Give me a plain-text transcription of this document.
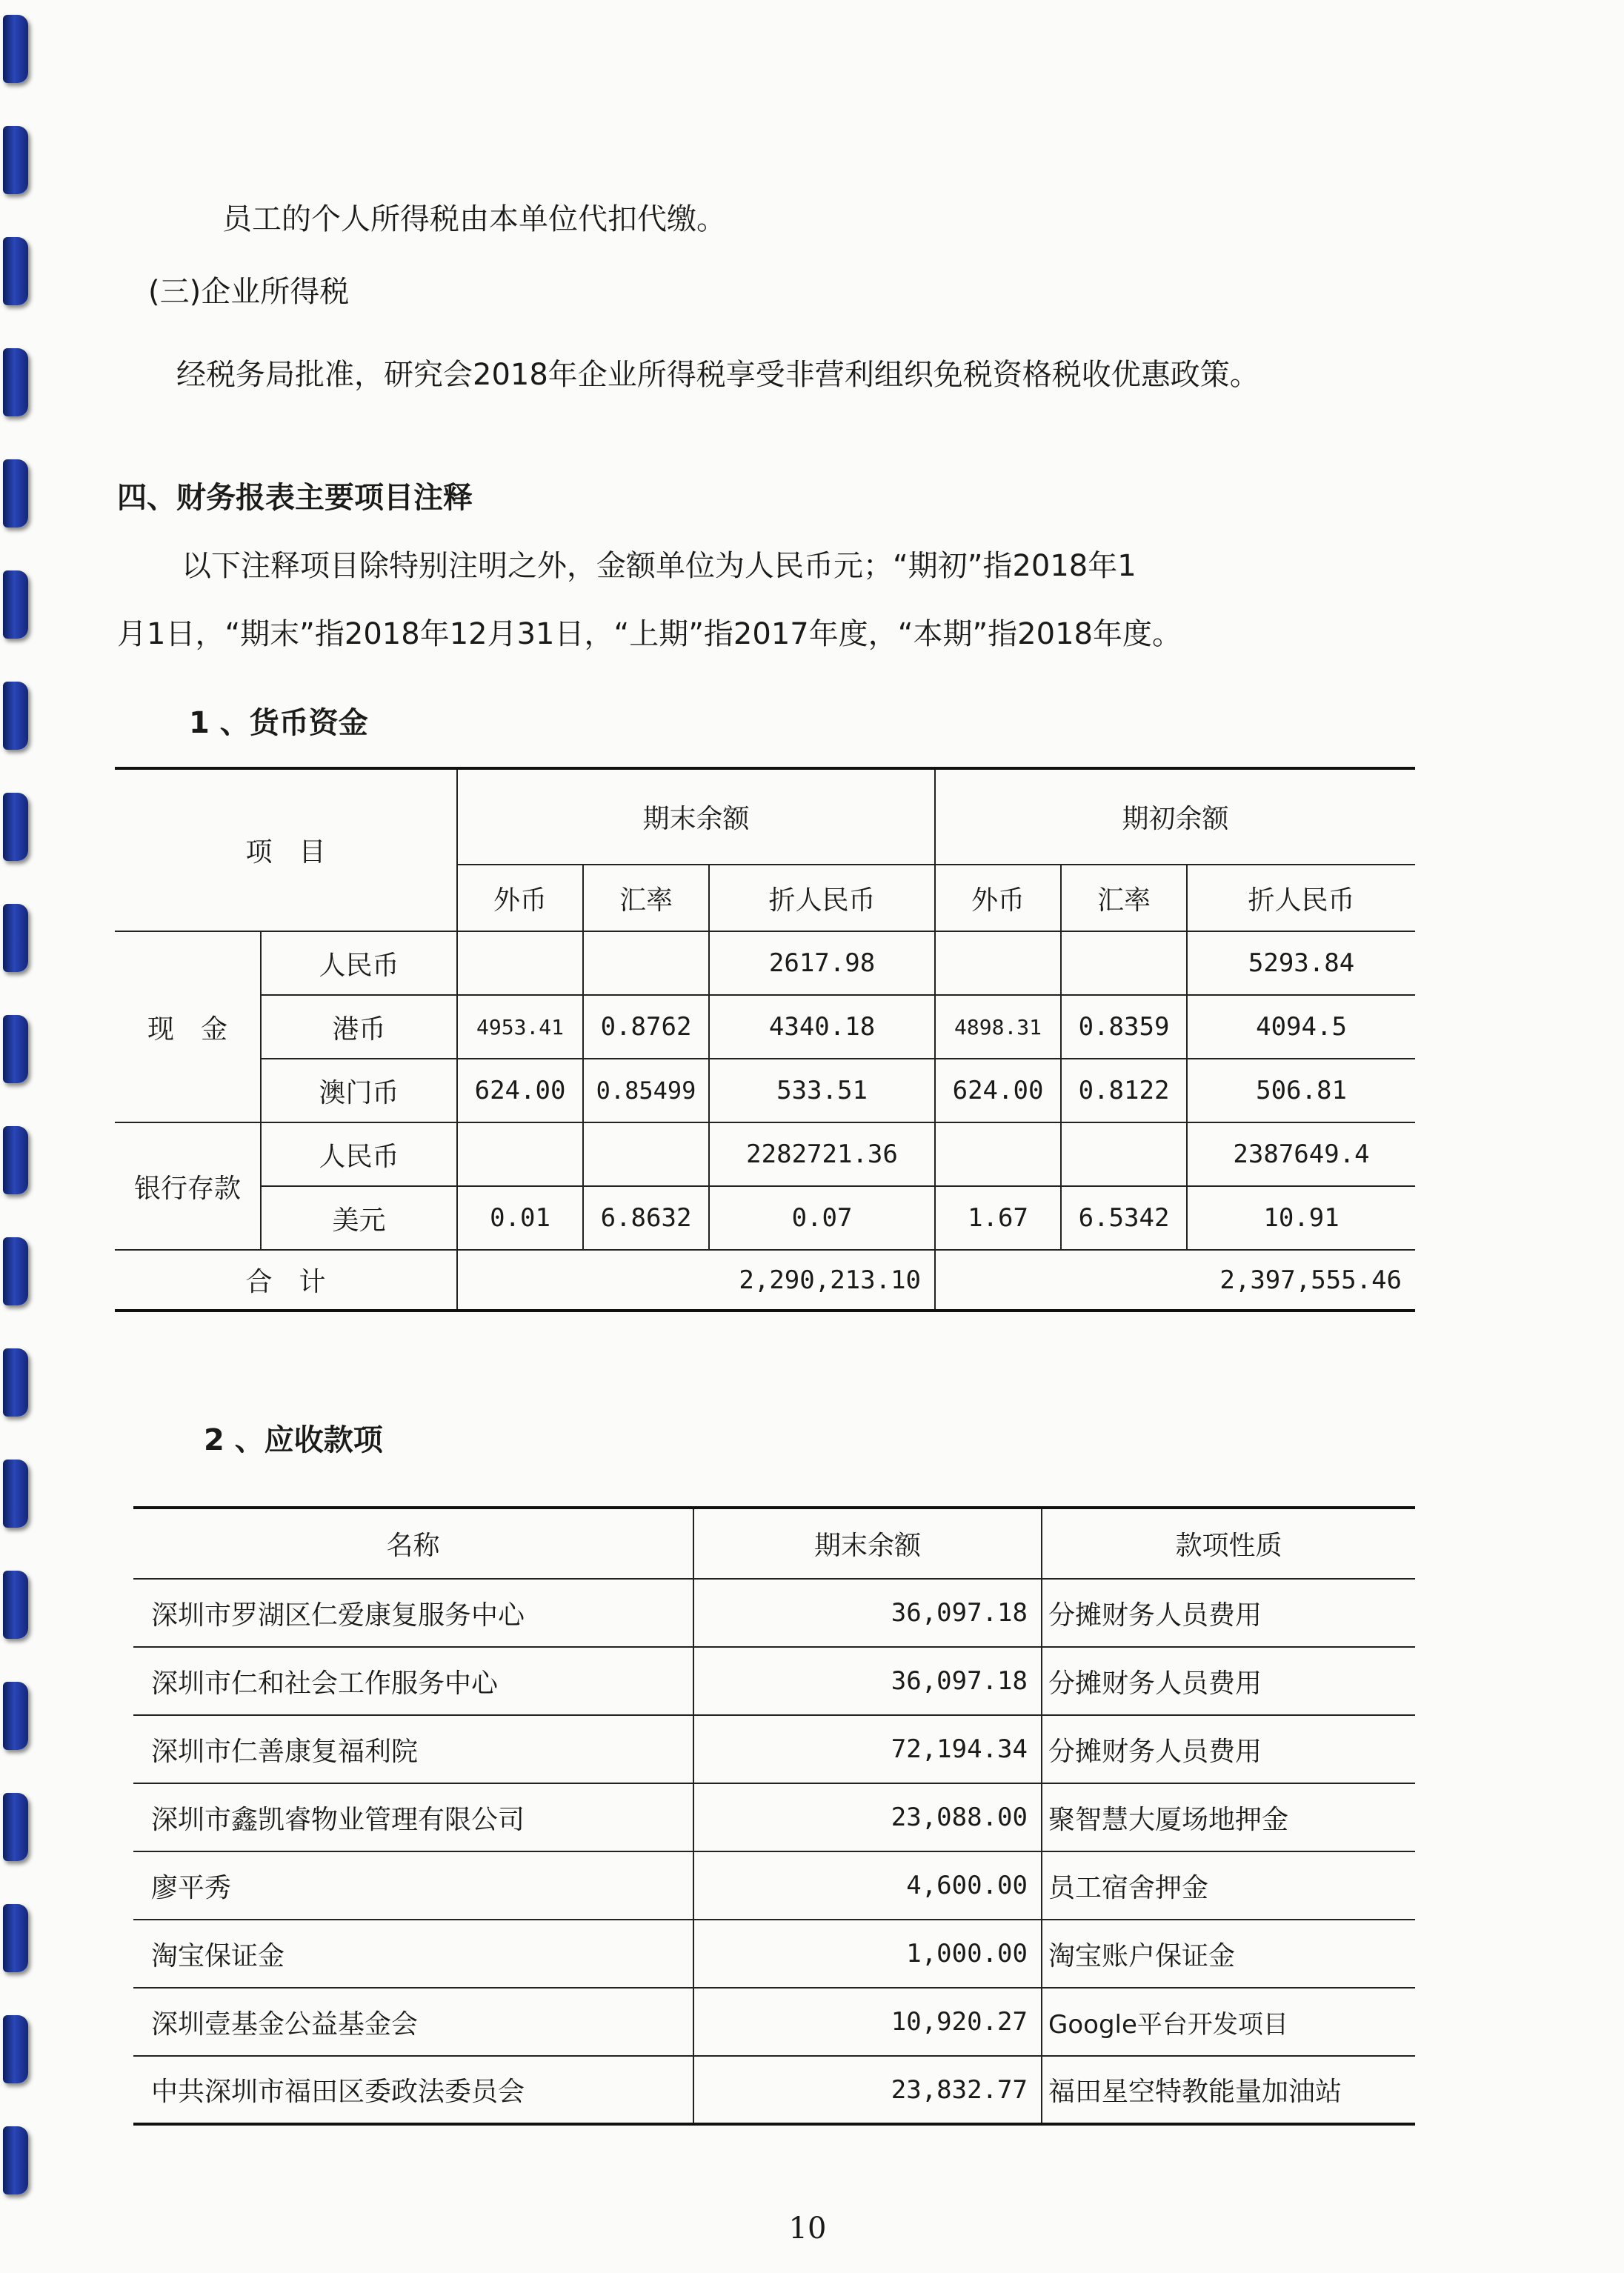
员工的个人所得税由本单位代扣代缴。
(三)企业所得税
经税务局批准，研究会2018年企业所得税享受非营利组织免税资格税收优惠政策。
四、财务报表主要项目注释
以下注释项目除特别注明之外，金额单位为人民币元；“期初”指2018年1
月1日，“期末”指2018年12月31日，“上期”指2017年度，“本期”指2018年度。
1 、货币资金
项　目		期末余额			期初余额		
		外币	汇率	折人民币	外币	汇率	折人民币
现　金	人民币			2617.98			5293.84
	港币	4953.41	0.8762	4340.18	4898.31	0.8359	4094.5
	澳门币	624.00	0.85499	533.51	624.00	0.8122	506.81
银行存款	人民币			2282721.36			2387649.4
	美元	0.01	6.8632	0.07	1.67	6.5342	10.91
合　计		2,290,213.10			2,397,555.46		
2 、应收款项
名称	期末余额	款项性质
深圳市罗湖区仁爱康复服务中心	36,097.18	分摊财务人员费用
深圳市仁和社会工作服务中心	36,097.18	分摊财务人员费用
深圳市仁善康复福利院	72,194.34	分摊财务人员费用
深圳市鑫凯睿物业管理有限公司	23,088.00	聚智慧大厦场地押金
廖平秀	4,600.00	员工宿舍押金
淘宝保证金	1,000.00	淘宝账户保证金
深圳壹基金公益基金会	10,920.27	Google平台开发项目
中共深圳市福田区委政法委员会	23,832.77	福田星空特教能量加油站
10
